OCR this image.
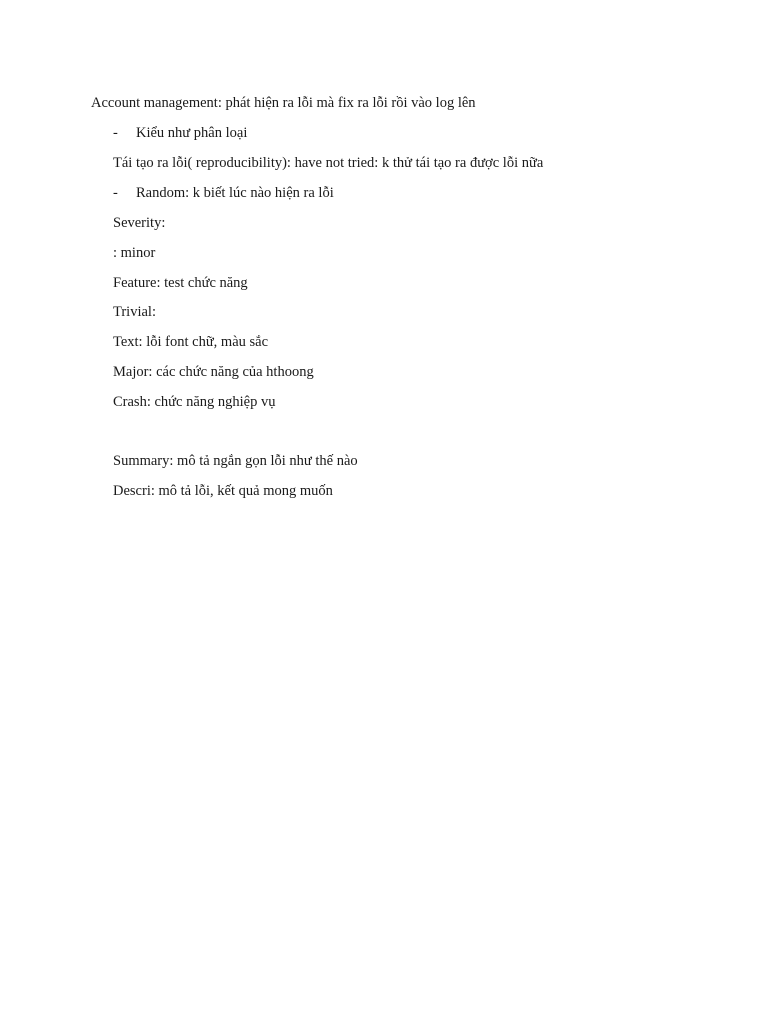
Account management: phát hiện ra lỗi mà fix ra lỗi rồi vào log lên
- Kiểu như phân loại
Tái tạo ra lỗi( reproducibility): have not tried: k thử tái tạo ra được lỗi nữa
- Random: k biết lúc nào hiện ra lỗi
Severity:
: minor
Feature: test chức năng
Trivial:
Text: lỗi font chữ, màu sắc
Major: các chức năng của hthoong
Crash: chức năng nghiệp vụ
Summary: mô tả ngắn gọn lỗi như thế nào
Descri: mô tả lỗi, kết quả mong muốn
